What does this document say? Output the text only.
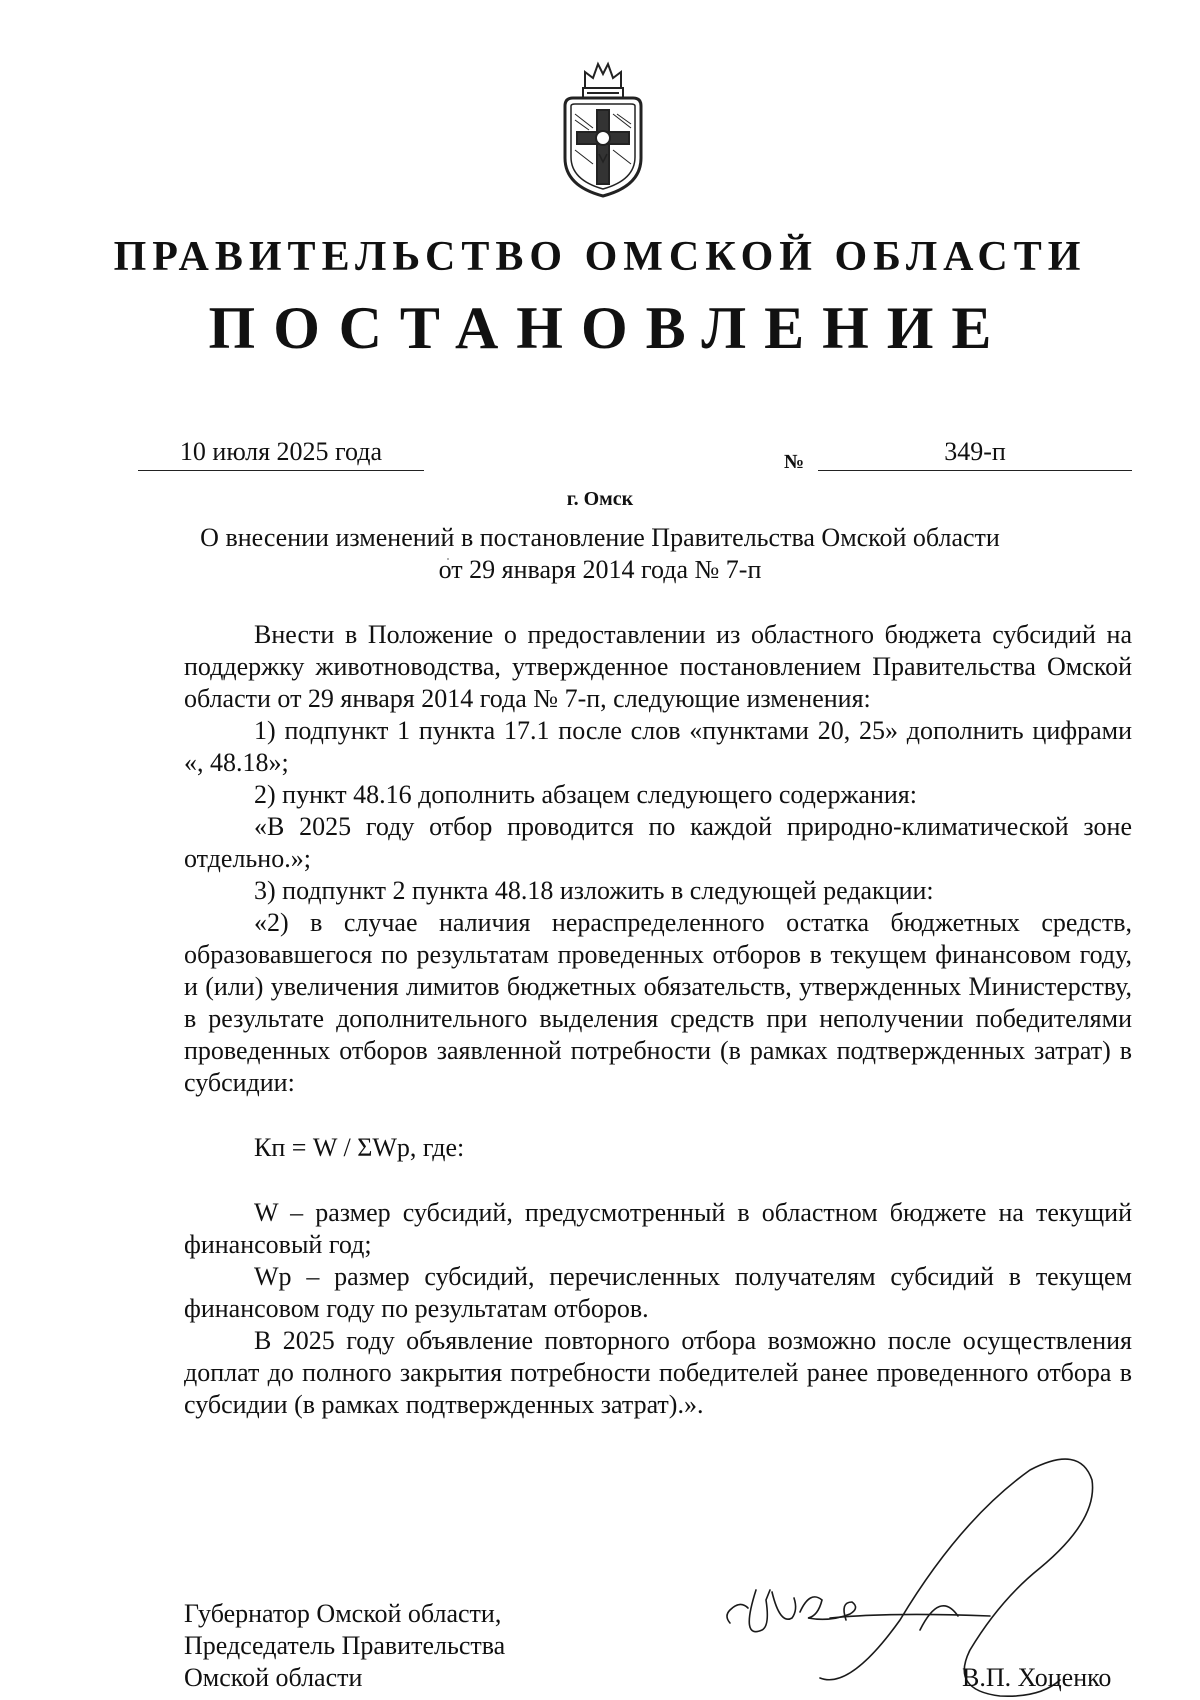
ПРАВИТЕЛЬСТВО ОМСКОЙ ОБЛАСТИ
ПОСТАНОВЛЕНИЕ
10 июля 2025 года	№	349-п
г. Омск
О внесении изменений в постановление Правительства Омской области
от 29 января 2014 года № 7-п

Внести в Положение о предоставлении из областного бюджета субсидий на поддержку животноводства, утвержденное постановлением Правительства Омской области от 29 января 2014 года № 7-п, следующие изменения:

1) подпункт 1 пункта 17.1 после слов «пунктами 20, 25» дополнить цифрами «, 48.18»;

2) пункт 48.16 дополнить абзацем следующего содержания:

«В 2025 году отбор проводится по каждой природно-климатической зоне отдельно.»;

3) подпункт 2 пункта 48.18 изложить в следующей редакции:

«2) в случае наличия нераспределенного остатка бюджетных средств, образовавшегося по результатам проведенных отборов в текущем финансовом году, и (или) увеличения лимитов бюджетных обязательств, утвержденных Министерству, в результате дополнительного выделения средств при неполучении победителями проведенных отборов заявленной потребности (в рамках подтвержденных затрат) в субсидии:

Кп = W / ΣWp, где:

W – размер субсидий, предусмотренный в областном бюджете на текущий финансовый год;

Wp – размер субсидий, перечисленных получателям субсидий в текущем финансовом году по результатам отборов.

В 2025 году объявление повторного отбора возможно после осуществления доплат до полного закрытия потребности победителей ранее проведенного отбора в субсидии (в рамках подтвержденных затрат).».

Губернатор Омской области,
Председатель Правительства
Омской области	В.П. Хоценко
